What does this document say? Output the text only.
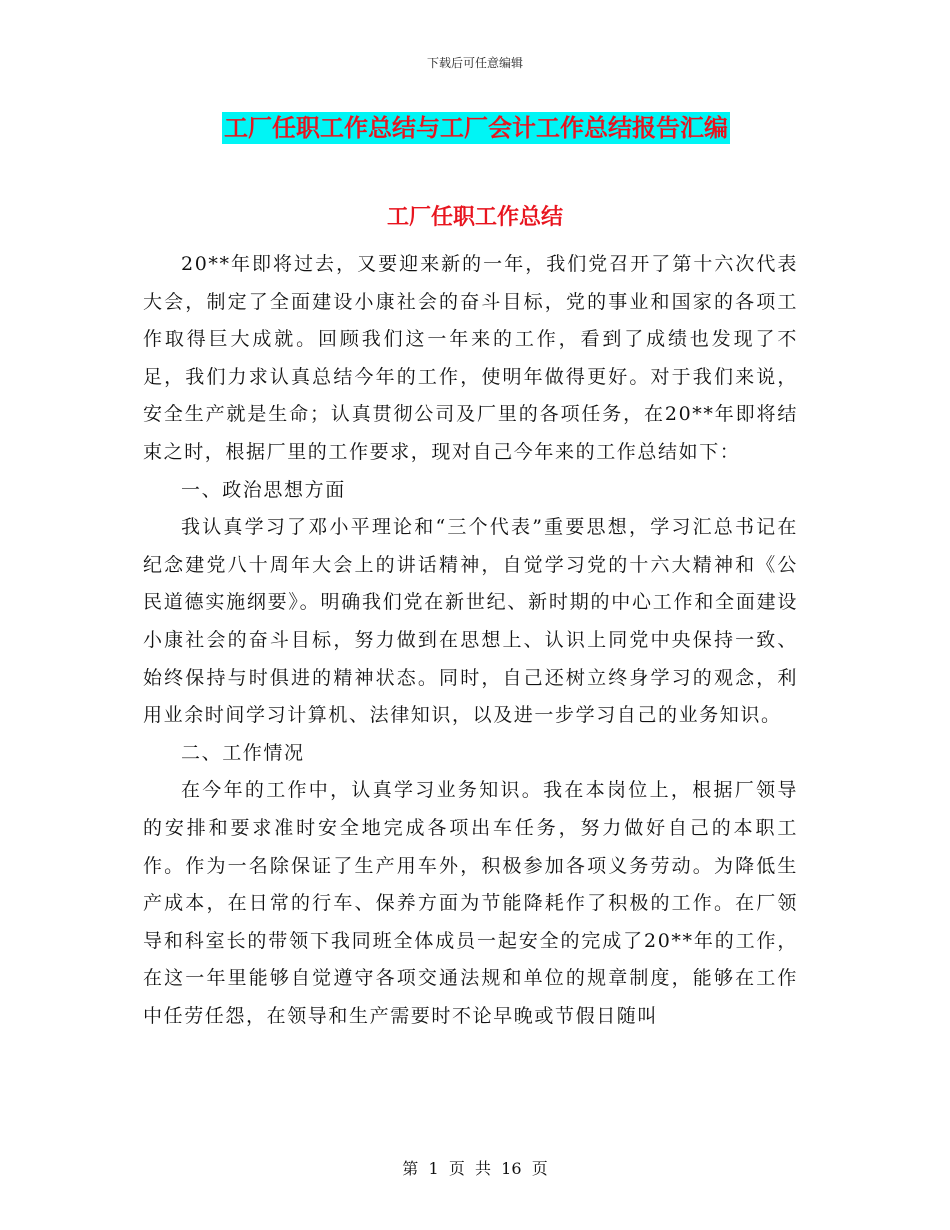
下载后可任意编辑
工厂任职工作总结与工厂会计工作总结报告汇编
工厂任职工作总结

20**年即将过去，又要迎来新的一年，我们党召开了第十六次代表大会，制定了全面建设小康社会的奋斗目标，党的事业和国家的各项工作取得巨大成就。回顾我们这一年来的工作，看到了成绩也发现了不足，我们力求认真总结今年的工作，使明年做得更好。对于我们来说，安全生产就是生命；认真贯彻公司及厂里的各项任务，在20**年即将结束之时，根据厂里的工作要求，现对自己今年来的工作总结如下：

一、政治思想方面

我认真学习了邓小平理论和“三个代表”重要思想，学习汇总书记在纪念建党八十周年大会上的讲话精神，自觉学习党的十六大精神和《公民道德实施纲要》。明确我们党在新世纪、新时期的中心工作和全面建设小康社会的奋斗目标，努力做到在思想上、认识上同党中央保持一致、始终保持与时俱进的精神状态。同时，自己还树立终身学习的观念，利用业余时间学习计算机、法律知识，以及进一步学习自己的业务知识。

二、工作情况

在今年的工作中，认真学习业务知识。我在本岗位上，根据厂领导的安排和要求准时安全地完成各项出车任务，努力做好自己的本职工作。作为一名除保证了生产用车外，积极参加各项义务劳动。为降低生产成本，在日常的行车、保养方面为节能降耗作了积极的工作。在厂领导和科室长的带领下我同班全体成员一起安全的完成了20**年的工作，在这一年里能够自觉遵守各项交通法规和单位的规章制度，能够在工作中任劳任怨，在领导和生产需要时不论早晚或节假日随叫

第  1  页  共  16  页
